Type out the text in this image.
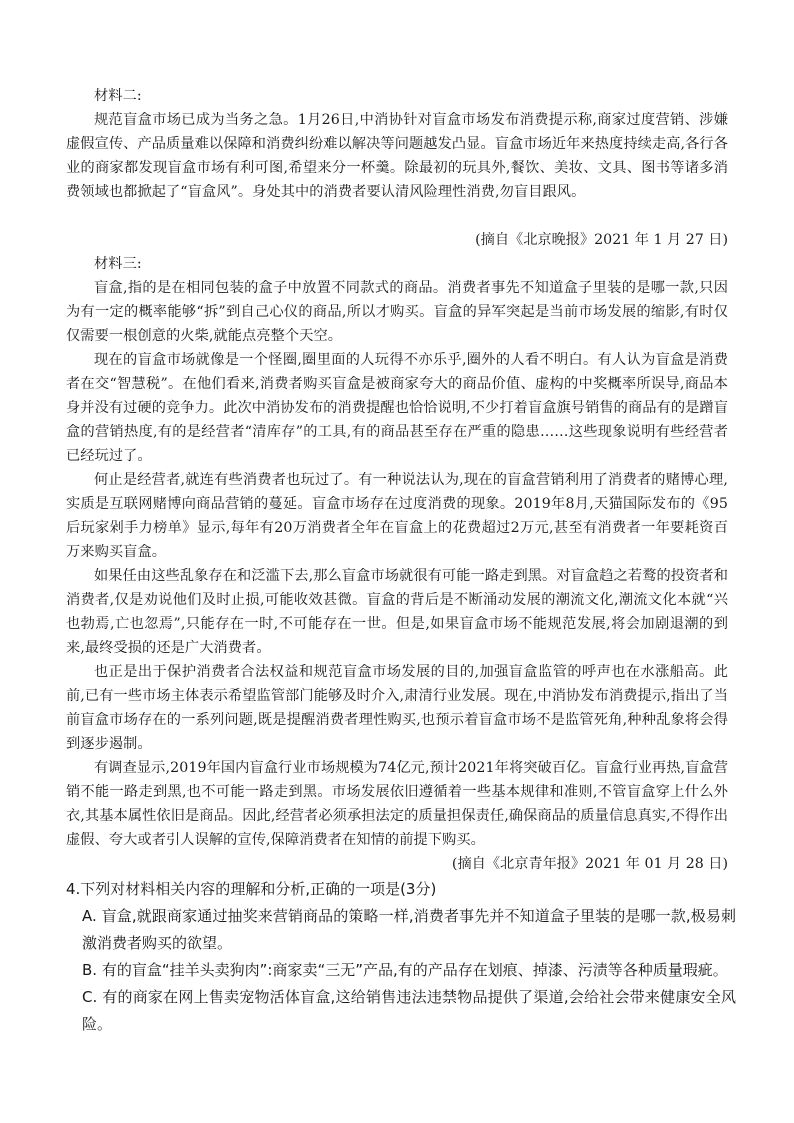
材料二:
规范盲盒市场已成为当务之急。1月26日,中消协针对盲盒市场发布消费提示称,商家过度营销、涉嫌虚假宣传、产品质量难以保障和消费纠纷难以解决等问题越发凸显。盲盒市场近年来热度持续走高,各行各业的商家都发现盲盒市场有利可图,希望来分一杯羹。除最初的玩具外,餐饮、美妆、文具、图书等诸多消费领域也都掀起了“盲盒风”。身处其中的消费者要认清风险理性消费,勿盲目跟风。
(摘自《北京晚报》2021 年 1 月 27 日)
材料三:
盲盒,指的是在相同包装的盒子中放置不同款式的商品。消费者事先不知道盒子里装的是哪一款,只因为有一定的概率能够“拆”到自己心仪的商品,所以才购买。盲盒的异军突起是当前市场发展的缩影,有时仅仅需要一根创意的火柴,就能点亮整个天空。
现在的盲盒市场就像是一个怪圈,圈里面的人玩得不亦乐乎,圈外的人看不明白。有人认为盲盒是消费者在交“智慧税”。在他们看来,消费者购买盲盒是被商家夸大的商品价值、虚构的中奖概率所误导,商品本身并没有过硬的竞争力。此次中消协发布的消费提醒也恰恰说明,不少打着盲盒旗号销售的商品有的是蹭盲盒的营销热度,有的是经营者“清库存”的工具,有的商品甚至存在严重的隐患……这些现象说明有些经营者已经玩过了。
何止是经营者,就连有些消费者也玩过了。有一种说法认为,现在的盲盒营销利用了消费者的赌博心理,实质是互联网赌博向商品营销的蔓延。盲盒市场存在过度消费的现象。2019年8月,天猫国际发布的《95后玩家剁手力榜单》显示,每年有20万消费者全年在盲盒上的花费超过2万元,甚至有消费者一年要耗资百万来购买盲盒。
如果任由这些乱象存在和泛滥下去,那么盲盒市场就很有可能一路走到黑。对盲盒趋之若鹜的投资者和消费者,仅是劝说他们及时止损,可能收效甚微。盲盒的背后是不断涌动发展的潮流文化,潮流文化本就“兴也勃焉,亡也忽焉”,只能存在一时,不可能存在一世。但是,如果盲盒市场不能规范发展,将会加剧退潮的到来,最终受损的还是广大消费者。
也正是出于保护消费者合法权益和规范盲盒市场发展的目的,加强盲盒监管的呼声也在水涨船高。此前,已有一些市场主体表示希望监管部门能够及时介入,肃清行业发展。现在,中消协发布消费提示,指出了当前盲盒市场存在的一系列问题,既是提醒消费者理性购买,也预示着盲盒市场不是监管死角,种种乱象将会得到逐步遏制。
有调查显示,2019年国内盲盒行业市场规模为74亿元,预计2021年将突破百亿。盲盒行业再热,盲盒营销不能一路走到黑,也不可能一路走到黑。市场发展依旧遵循着一些基本规律和准则,不管盲盒穿上什么外衣,其基本属性依旧是商品。因此,经营者必须承担法定的质量担保责任,确保商品的质量信息真实,不得作出虚假、夸大或者引人误解的宣传,保障消费者在知情的前提下购买。
(摘自《北京青年报》2021 年 01 月 28 日)

4.下列对材料相关内容的理解和分析,正确的一项是(3分)

A. 盲盒,就跟商家通过抽奖来营销商品的策略一样,消费者事先并不知道盒子里装的是哪一款,极易刺激消费者购买的欲望。

B. 有的盲盒“挂羊头卖狗肉”:商家卖“三无”产品,有的产品存在划痕、掉漆、污渍等各种质量瑕疵。

C. 有的商家在网上售卖宠物活体盲盒,这给销售违法违禁物品提供了渠道,会给社会带来健康安全风险。
